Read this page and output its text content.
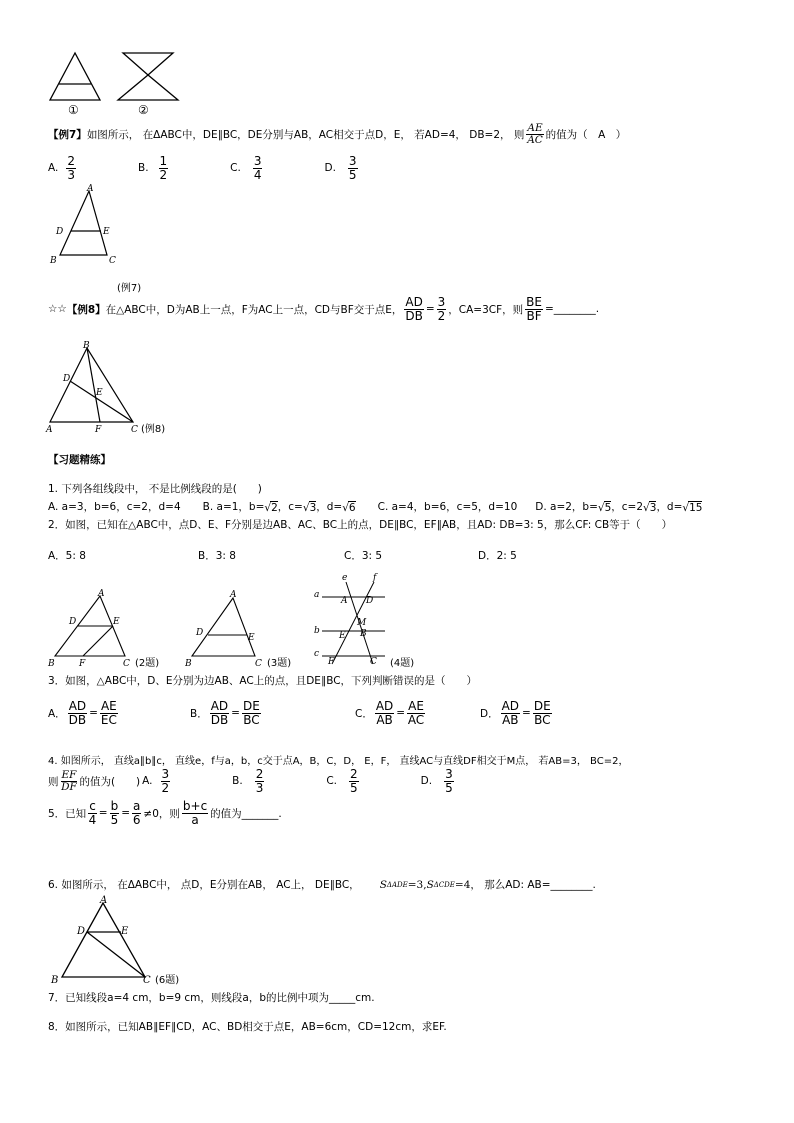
①	②
【例7】 如图所示， 在ΔABC中，DE∥BC，DE分别与AB，AC相交于点D，E， 若AD=4， DB=2， 则 $\frac{AE}{AC}$ 的值为（　A　）
A. $\frac{2}{3}$	B. $\frac{1}{2}$	C. $\frac{3}{4}$	D. $\frac{3}{5}$
A
D	E
B	C
(例7)
☆☆ 【例8】 在△ABC中，D为AB上一点，F为AC上一点，CD与BF交于点E， $\frac{AD}{DB} = \frac{3}{2}$ ，CA=3CF，则 $\frac{BE}{BF}$ =________.
B
D
E
A	F	C (例8)
【习题精练】
1. 下列各组线段中， 不是比例线段的是(　　)
A. a=3，b=6，c=2，d=4 B. a=1，b= √ 2 ，c= √ 3 ，d= √ 6 C. a=4，b=6，c=5，d=10 D. a=2，b= √ 5 ，c=2 √ 3 ，d= √ 15
2．如图，已知在△ABC中，点D、E、F分别是边AB、AC、BC上的点，DE∥BC，EF∥AB，且AD: DB=3: 5，那么CF: CB等于（　　）
A．5: 8	B．3: 8	C．3: 5	D．2: 5
A
D	E
B	F	C (2题)
A
D	E
B	C (3题)
e	f
a
A D
b
M
E B
c
F	C (4题)
3．如图，△ABC中，D、E分别为边AB、AC上的点，且DE∥BC，下列判断错误的是（　　）
A． $\frac{AD}{DB} = \frac{AE}{EC}$	B． $\frac{AD}{DB} = \frac{DE}{BC}$	C． $\frac{AD}{AB} = \frac{AE}{AC}$	D． $\frac{AD}{AB} = \frac{DE}{BC}$
4. 如图所示， 直线a∥b∥c， 直线e，f与a，b，c交于点A，B，C，D， E，F， 直线AC与直线DF相交于M点， 若AB=3， BC=2，
则 $\frac{EF}{DF}$ 的值为(　　) A. $\frac{3}{2}$	B. $\frac{2}{3}$	C. $\frac{2}{5}$	D. $\frac{3}{5}$
5．已知 $\frac{c}{4} = \frac{b}{5} = \frac{a}{6} \ne 0$，则 $\frac{b+c}{a}$ 的值为_______.
6. 如图所示， 在ΔABC中， 点D，E分别在AB， AC上， DE∥BC， S ΔADE =3, S ΔCDE =4 ， 那么AD: AB=________.
A
D	E
B	C (6题)
7．已知线段a=4 cm，b=9 cm，则线段a，b的比例中项为_____cm.
8．如图所示，已知AB∥EF∥CD，AC、BD相交于点E，AB=6cm，CD=12cm，求EF.
